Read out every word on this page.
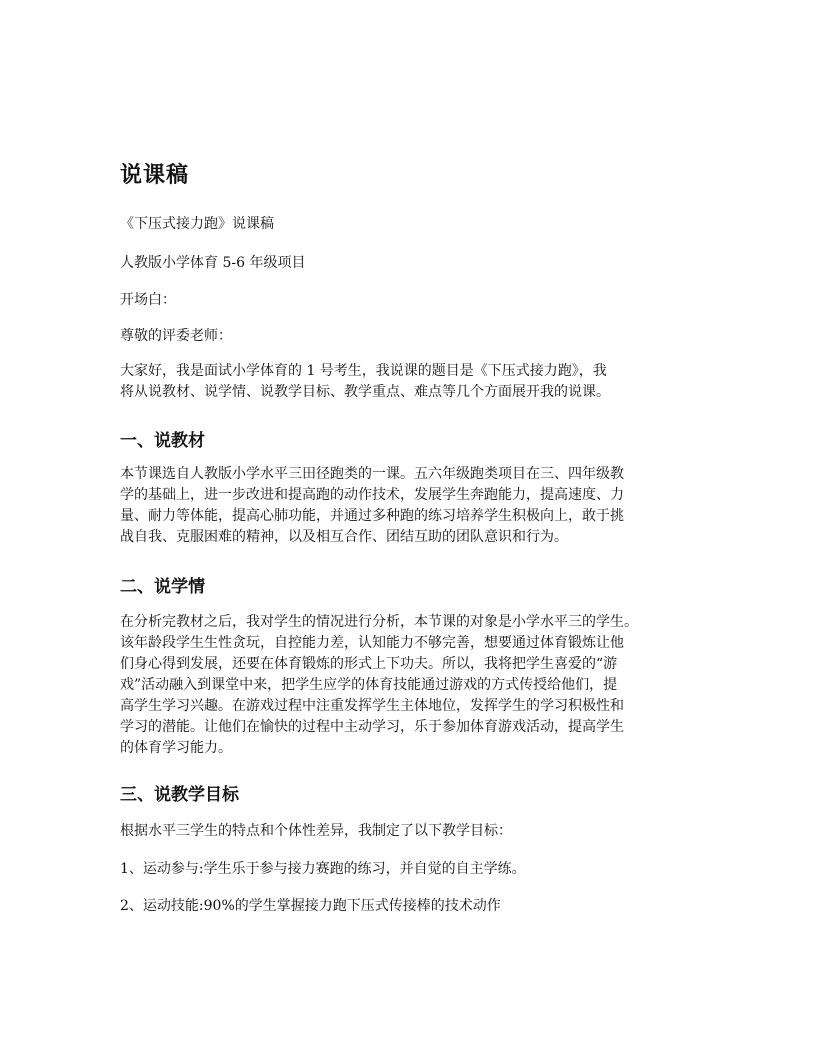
说课稿

《下压式接力跑》说课稿

人教版小学体育 5-6 年级项目

开场白：

尊敬的评委老师：

大家好，我是面试小学体育的 1 号考生，我说课的题目是《下压式接力跑》，我
将从说教材、说学情、说教学目标、教学重点、难点等几个方面展开我的说课。

一、说教材

本节课选自人教版小学水平三田径跑类的一课。五六年级跑类项目在三、四年级教
学的基础上，进一步改进和提高跑的动作技术，发展学生奔跑能力，提高速度、力
量、耐力等体能，提高心肺功能，并通过多种跑的练习培养学生积极向上，敢于挑
战自我、克服困难的精神，以及相互合作、团结互助的团队意识和行为。

二、说学情

在分析完教材之后，我对学生的情况进行分析，本节课的对象是小学水平三的学生。
该年龄段学生生性贪玩，自控能力差，认知能力不够完善，想要通过体育锻炼让他
们身心得到发展，还要在体育锻炼的形式上下功夫。所以，我将把学生喜爱的“游
戏”活动融入到课堂中来，把学生应学的体育技能通过游戏的方式传授给他们，提
高学生学习兴趣。在游戏过程中注重发挥学生主体地位，发挥学生的学习积极性和
学习的潜能。让他们在愉快的过程中主动学习，乐于参加体育游戏活动，提高学生
的体育学习能力。

三、说教学目标

根据水平三学生的特点和个体性差异，我制定了以下教学目标：

1、运动参与:学生乐于参与接力赛跑的练习，并自觉的自主学练。

2、运动技能:90%的学生掌握接力跑下压式传接棒的技术动作
